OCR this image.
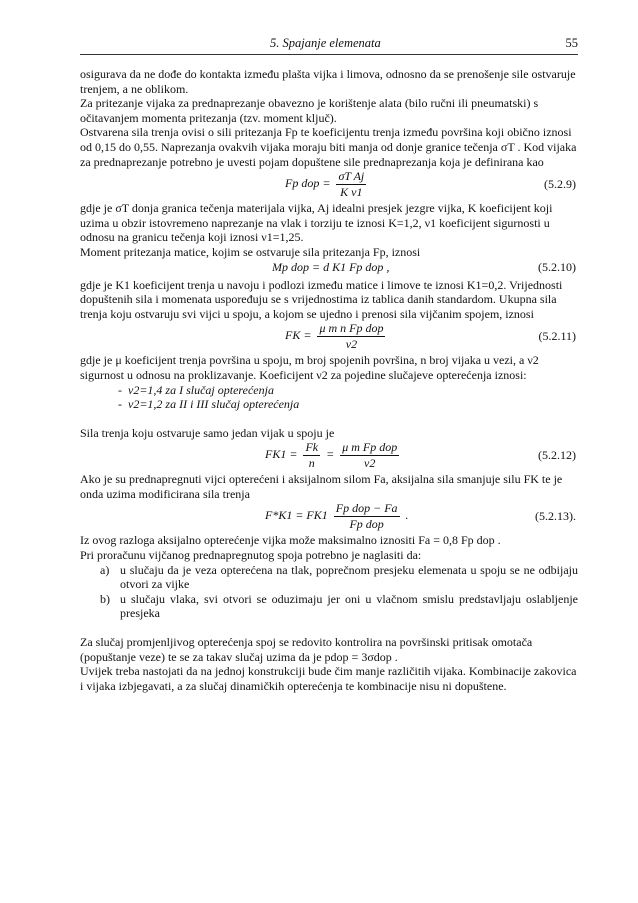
5. Spajanje elemenata	55

osigurava da ne dođe do kontakta između plašta vijka i limova, odnosno da se prenošenje sile ostvaruje trenjem, a ne oblikom.

Za pritezanje vijaka za prednaprezanje obavezno je korištenje alata (bilo ručni ili pneumatski) s očitavanjem momenta pritezanja (tzv. moment ključ).

Ostvarena sila trenja ovisi o sili pritezanja Fp te koeficijentu trenja između površina koji obično iznosi od 0,15 do 0,55. Naprezanja ovakvih vijaka moraju biti manja od donje granice tečenja σT . Kod vijaka za prednaprezanje potrebno je uvesti pojam dopuštene sile prednaprezanja koja je definirana kao

Fp dop = $\frac{\text{σT Aj}}{\text{K ν1}}$	(5.2.9)

gdje je σT donja granica tečenja materijala vijka, Aj idealni presjek jezgre vijka, K koeficijent koji uzima u obzir istovremeno naprezanje na vlak i torziju te iznosi K=1,2, ν1 koeficijent sigurnosti u odnosu na granicu tečenja koji iznosi ν1=1,25.

Moment pritezanja matice, kojim se ostvaruje sila pritezanja Fp, iznosi

Mp dop = d K1 Fp dop ,	(5.2.10)

gdje je K1 koeficijent trenja u navoju i podlozi između matice i limove te iznosi K1=0,2. Vrijednosti dopuštenih sila i momenata uspoređuju se s vrijednostima iz tablica danih standardom. Ukupna sila trenja koju ostvaruju svi vijci u spoju, a kojom se ujedno i prenosi sila vijčanim spojem, iznosi

FK = $\frac{\text{μ m n Fp dop}}{\nu 2}$	(5.2.11)

gdje je μ koeficijent trenja površina u spoju, m broj spojenih površina, n broj vijaka u vezi, a ν2 sigurnost u odnosu na proklizavanje. Koeficijent ν2 za pojedine slučajeve opterećenja iznosi:

- ν2=1,4 za I slučaj opterećenja
- ν2=1,2 za II i III slučaj opterećenja

Sila trenja koju ostvaruje samo jedan vijak u spoju je

$FK1 = \frac{Fk}{n} = \frac{\text{μ m Fp dop}}{\nu 2}$	(5.2.12)

Ako je su prednapregnuti vijci opterećeni i aksijalnom silom Fa, aksijalna sila smanjuje silu FK te je onda uzima modificirana sila trenja

$F*K1 = FK1 \frac{\text{Fp dop − Fa}}{\text{Fp dop}}$ .	(5.2.13).

Iz ovog razloga aksijalno opterećenje vijka može maksimalno iznositi Fa = 0,8 Fp dop .

Pri proračunu vijčanog prednapregnutog spoja potrebno je naglasiti da:

a) u slučaju da je veza opterećena na tlak, poprečnom presjeku elemenata u spoju se ne odbijaju otvori za vijke
b) u slučaju vlaka, svi otvori se oduzimaju jer oni u vlačnom smislu predstavljaju oslabljenje presjeka

Za slučaj promjenljivog opterećenja spoj se redovito kontrolira na površinski pritisak omotača (popuštanje veze) te se za takav slučaj uzima da je pdop = 3σdop .

Uvijek treba nastojati da na jednoj konstrukciji bude čim manje različitih vijaka. Kombinacije zakovica i vijaka izbjegavati, a za slučaj dinamičkih opterećenja te kombinacije nisu ni dopuštene.
